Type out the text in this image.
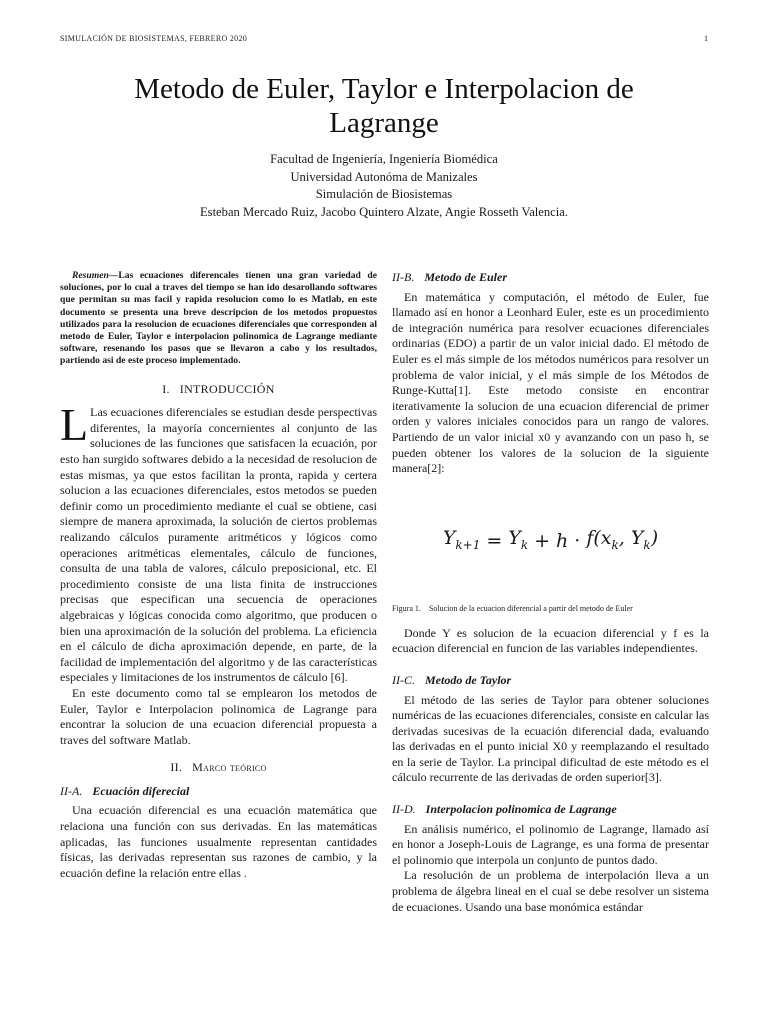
SIMULACIÓN DE BIOSISTEMAS, FEBRERO 2020	1
Metodo de Euler, Taylor e Interpolacion de
Lagrange
Facultad de Ingeniería, Ingeniería Biomédica
Universidad Autonóma de Manizales
Simulación de Biosistemas
Esteban Mercado Ruiz, Jacobo Quintero Alzate, Angie Rosseth Valencia.
Resumen—Las ecuaciones diferencales tienen una gran variedad de soluciones, por lo cual a traves del tiempo se han ido desarollando softwares que permitan su mas facil y rapida resolucion como lo es Matlab, en este documento se presenta una breve descripcion de los metodos propuestos utilizados para la resolucion de ecuaciones diferenciales que corresponden al metodo de Euler, Taylor e interpolacion polinomica de Lagrange mediante software, resenando los pasos que se llevaron a cabo y los resultados, partiendo asi de este proceso implementado.
I. INTRODUCCIÓN

L Las ecuaciones diferenciales se estudian desde perspectivas diferentes, la mayoría concernientes al conjunto de las soluciones de las funciones que satisfacen la ecuación, por esto han surgido softwares debido a la necesidad de resolucion de estas mismas, ya que estos facilitan la pronta, rapida y certera solucion a las ecuaciones diferenciales, estos metodos se pueden definir como un procedimiento mediante el cual se obtiene, casi siempre de manera aproximada, la solución de ciertos problemas realizando cálculos puramente aritméticos y lógicos como operaciones aritméticas elementales, cálculo de funciones, consulta de una tabla de valores, cálculo preposicional, etc. El procedimiento consiste de una lista finita de instrucciones precisas que especifican una secuencia de operaciones algebraicas y lógicas conocida como algoritmo, que producen o bien una aproximación de la solución del problema. La eficiencia en el cálculo de dicha aproximación depende, en parte, de la facilidad de implementación del algoritmo y de las características especiales y limitaciones de los instrumentos de cálculo [6].

En este documento como tal se emplearon los metodos de Euler, Taylor e Interpolacion polinomica de Lagrange para encontrar la solucion de una ecuacion diferencial propuesta a traves del software Matlab.

II. Marco teórico
II-A. Ecuación diferecial

Una ecuación diferencial es una ecuación matemática que relaciona una función con sus derivadas. En las matemáticas aplicadas, las funciones usualmente representan cantidades físicas, las derivadas representan sus razones de cambio, y la ecuación define la relación entre ellas .

II-B. Metodo de Euler

En matemática y computación, el método de Euler, fue llamado así en honor a Leonhard Euler, este es un procedimiento de integración numérica para resolver ecuaciones diferenciales ordinarias (EDO) a partir de un valor inicial dado. El método de Euler es el más simple de los métodos numéricos para resolver un problema de valor inicial, y el más simple de los Métodos de Runge-Kutta[1]. Este metodo consiste en encontrar iterativamente la solucion de una ecuacion diferencial de primer orden y valores iniciales conocidos para un rango de valores. Partiendo de un valor inicial x0 y avanzando con un paso h, se pueden obtener los valores de la solucion de la siguiente manera[2]:

$Y_{k+1} = Y_k + h \cdot f(x_k$, $Y_k$)
Figura 1. Solucion de la ecuacion diferencial a partir del metodo de Euler

Donde Y es solucion de la ecuacion diferencial y f es la ecuacion diferencial en funcion de las variables independientes.

II-C. Metodo de Taylor

El método de las series de Taylor para obtener soluciones numéricas de las ecuaciones diferenciales, consiste en calcular las derivadas sucesivas de la ecuación diferencial dada, evaluando las derivadas en el punto inicial X0 y reemplazando el resultado en la serie de Taylor. La principal dificultad de este método es el cálculo recurrente de las derivadas de orden superior[3].

II-D. Interpolacion polinomica de Lagrange

En análisis numérico, el polinomio de Lagrange, llamado así en honor a Joseph-Louis de Lagrange, es una forma de presentar el polinomio que interpola un conjunto de puntos dado.

La resolución de un problema de interpolación lleva a un problema de álgebra lineal en el cual se debe resolver un sistema de ecuaciones. Usando una base monómica estándar
